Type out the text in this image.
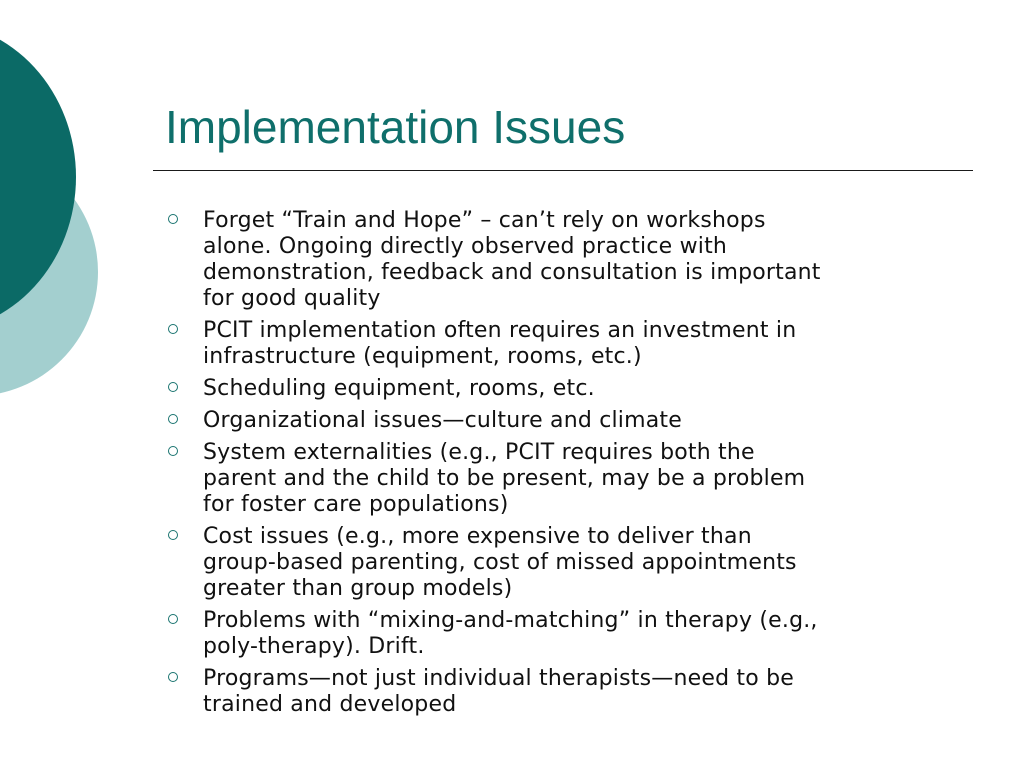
Implementation Issues
Forget “Train and Hope” – can’t rely on workshops
alone. Ongoing directly observed practice with
demonstration, feedback and consultation is important
for good quality
PCIT implementation often requires an investment in
infrastructure (equipment, rooms, etc.)
Scheduling equipment, rooms, etc.
Organizational issues—culture and climate
System externalities (e.g., PCIT requires both the
parent and the child to be present, may be a problem
for foster care populations)
Cost issues (e.g., more expensive to deliver than
group-based parenting, cost of missed appointments
greater than group models)
Problems with “mixing-and-matching” in therapy (e.g.,
poly-therapy). Drift.
Programs—not just individual therapists—need to be
trained and developed
